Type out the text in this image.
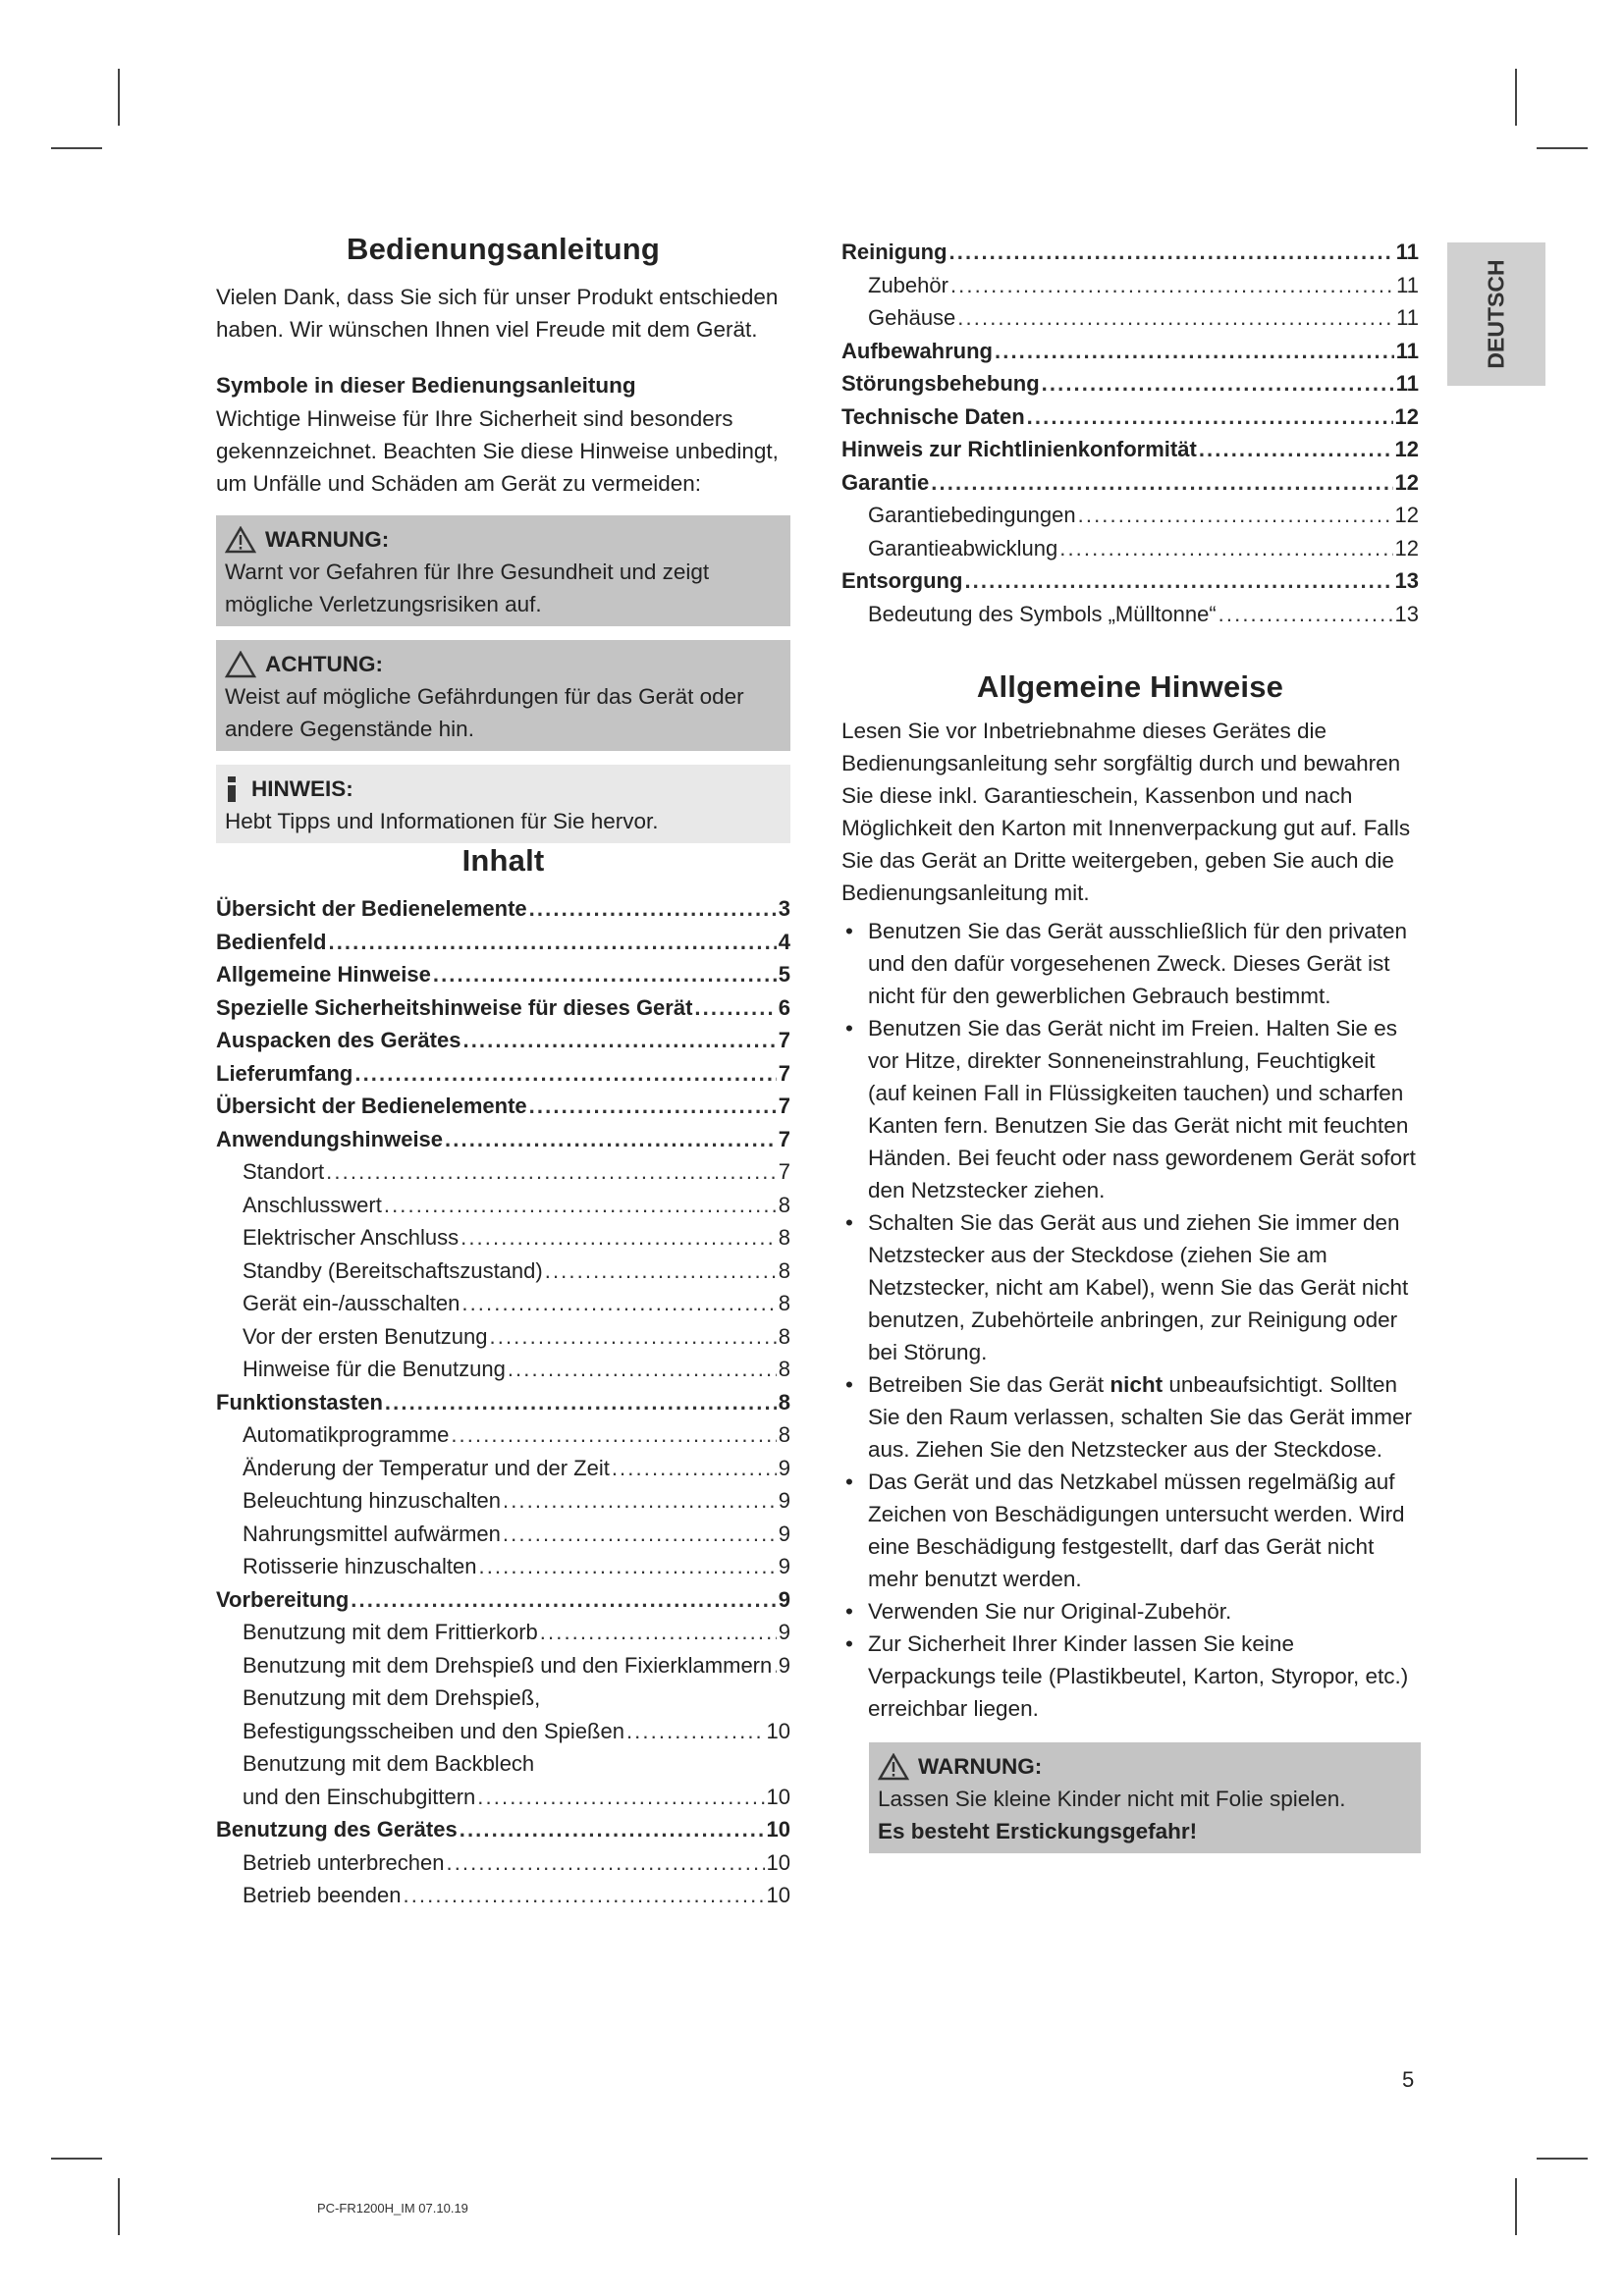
DEUTSCH
Bedienungsanleitung

Vielen Dank, dass Sie sich für unser Produkt entschieden haben. Wir wünschen Ihnen viel Freude mit dem Gerät.

Symbole in dieser Bedienungsanleitung

Wichtige Hinweise für Ihre Sicherheit sind besonders gekennzeichnet. Beachten Sie diese Hinweise unbedingt, um Unfälle und Schäden am Gerät zu vermeiden:

WARNUNG:
Warnt vor Gefahren für Ihre Gesundheit und zeigt mögliche Verletzungsrisiken auf.
ACHTUNG:
Weist auf mögliche Gefährdungen für das Gerät oder andere Gegenstände hin.
HINWEIS:
Hebt Tipps und Informationen für Sie hervor.
Inhalt
Übersicht der Bedienelemente . . .	3
Bedienfeld . . .	4
Allgemeine Hinweise . . .	5
Spezielle Sicherheitshinweise für dieses Gerät . . .	6
Auspacken des Gerätes . . .	7
Lieferumfang . . .	7
Übersicht der Bedienelemente . . .	7
Anwendungshinweise . . .	7
Standort . . .	7
Anschlusswert . . .	8
Elektrischer Anschluss . . .	8
Standby (Bereitschaftszustand) . . .	8
Gerät ein-/ausschalten . . .	8
Vor der ersten Benutzung . . .	8
Hinweise für die Benutzung . . .	8
Funktionstasten . . .	8
Automatikprogramme . . .	8
Änderung der Temperatur und der Zeit . . .	9
Beleuchtung hinzuschalten . . .	9
Nahrungsmittel aufwärmen . . .	9
Rotisserie hinzuschalten . . .	9
Vorbereitung . . .	9
Benutzung mit dem Frittierkorb . . .	9
Benutzung mit dem Drehspieß und den Fixierklammern . . . 9
Benutzung mit dem Drehspieß,
Befestigungsscheiben und den Spießen . . .	10
Benutzung mit dem Backblech
und den Einschubgittern . . .	10
Benutzung des Gerätes . . .	10
Betrieb unterbrechen . . .	10
Betrieb beenden . . .	10
Reinigung . . .	11
Zubehör . . .	11
Gehäuse . . .	11
Aufbewahrung . . .	11
Störungsbehebung . . .	11
Technische Daten . . .	12
Hinweis zur Richtlinienkonformität . . .	12
Garantie . . .	12
Garantiebedingungen . . .	12
Garantieabwicklung . . .	12
Entsorgung . . .	13
Bedeutung des Symbols „Mülltonne“ . . .	13
Allgemeine Hinweise

Lesen Sie vor Inbetriebnahme dieses Gerätes die Bedienungsanleitung sehr sorgfältig durch und bewahren Sie diese inkl. Garantieschein, Kassenbon und nach Möglichkeit den Karton mit Innenverpackung gut auf. Falls Sie das Gerät an Dritte weitergeben, geben Sie auch die Bedienungsanleitung mit.

• Benutzen Sie das Gerät ausschließlich für den privaten und den dafür vorgesehenen Zweck. Dieses Gerät ist nicht für den gewerblichen Gebrauch bestimmt.
• Benutzen Sie das Gerät nicht im Freien. Halten Sie es vor Hitze, direkter Sonneneinstrahlung, Feuchtigkeit (auf keinen Fall in Flüssigkeiten tauchen) und scharfen Kanten fern. Benutzen Sie das Gerät nicht mit feuchten Händen. Bei feucht oder nass gewordenem Gerät sofort den Netzstecker ziehen.
• Schalten Sie das Gerät aus und ziehen Sie immer den Netzstecker aus der Steckdose (ziehen Sie am Netzstecker, nicht am Kabel), wenn Sie das Gerät nicht benutzen, Zubehörteile anbringen, zur Reinigung oder bei Störung.
• Betreiben Sie das Gerät nicht unbeaufsichtigt. Sollten Sie den Raum verlassen, schalten Sie das Gerät immer aus. Ziehen Sie den Netzstecker aus der Steckdose.
• Das Gerät und das Netzkabel müssen regelmäßig auf Zeichen von Beschädigungen untersucht werden. Wird eine Beschädigung festgestellt, darf das Gerät nicht mehr benutzt werden.
• Verwenden Sie nur Original-Zubehör.
• Zur Sicherheit Ihrer Kinder lassen Sie keine Verpackungs teile (Plastikbeutel, Karton, Styropor, etc.) erreichbar liegen.
WARNUNG:
Lassen Sie kleine Kinder nicht mit Folie spielen.
Es besteht Erstickungsgefahr!
5
PC-FR1200H_IM 07.10.19
